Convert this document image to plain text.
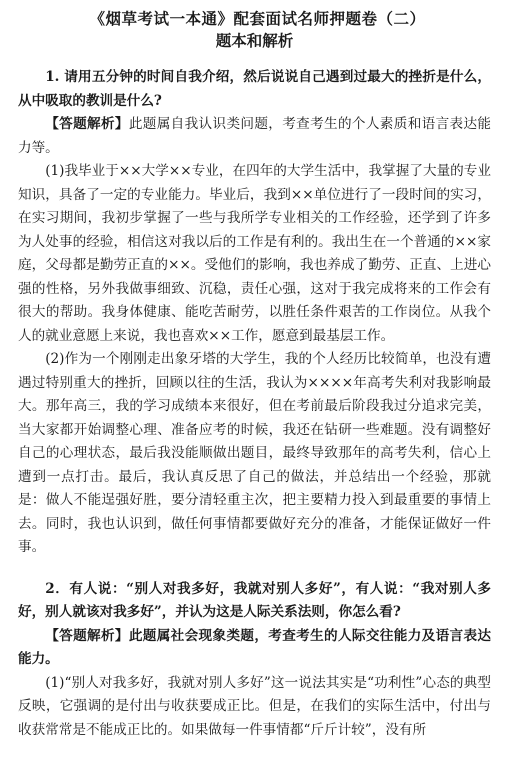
《烟草考试一本通》配套面试名师押题卷（二）
题本和解析

1. 请用五分钟的时间自我介绍，然后说说自己遇到过最大的挫折是什么，从中吸取的教训是什么?

【答题解析】此题属自我认识类问题，考查考生的个人素质和语言表达能力等。

(1)我毕业于××大学××专业，在四年的大学生活中，我掌握了大量的专业知识，具备了一定的专业能力。毕业后，我到××单位进行了一段时间的实习，在实习期间，我初步掌握了一些与我所学专业相关的工作经验，还学到了许多为人处事的经验，相信这对我以后的工作是有利的。我出生在一个普通的××家庭，父母都是勤劳正直的××。受他们的影响，我也养成了勤劳、正直、上进心强的性格，另外我做事细致、沉稳，责任心强，这对于我完成将来的工作会有很大的帮助。我身体健康、能吃苦耐劳，以胜任条件艰苦的工作岗位。从我个人的就业意愿上来说，我也喜欢××工作，愿意到最基层工作。

(2)作为一个刚刚走出象牙塔的大学生，我的个人经历比较简单，也没有遭遇过特别重大的挫折，回顾以往的生活，我认为××××年高考失利对我影响最大。那年高三，我的学习成绩本来很好，但在考前最后阶段我过分追求完美，当大家都开始调整心理、准备应考的时候，我还在钻研一些难题。没有调整好自己的心理状态，最后我没能顺做出题目，最终导致那年的高考失利，信心上遭到一点打击。最后，我认真反思了自己的做法，并总结出一个经验，那就是：做人不能逞强好胜，要分清轻重主次，把主要精力投入到最重要的事情上去。同时，我也认识到，做任何事情都要做好充分的准备，才能保证做好一件事。

2．有人说：“别人对我多好，我就对别人多好”，有人说：“我对别人多好，别人就该对我多好”，并认为这是人际关系法则，你怎么看?

【答题解析】此题属社会现象类题，考查考生的人际交往能力及语言表达能力。

(1)“别人对我多好，我就对别人多好”这一说法其实是“功利性”心态的典型反映，它强调的是付出与收获要成正比。但是，在我们的实际生活中，付出与收获常常是不能成正比的。如果做每一件事情都“斤斤计较”，没有所
